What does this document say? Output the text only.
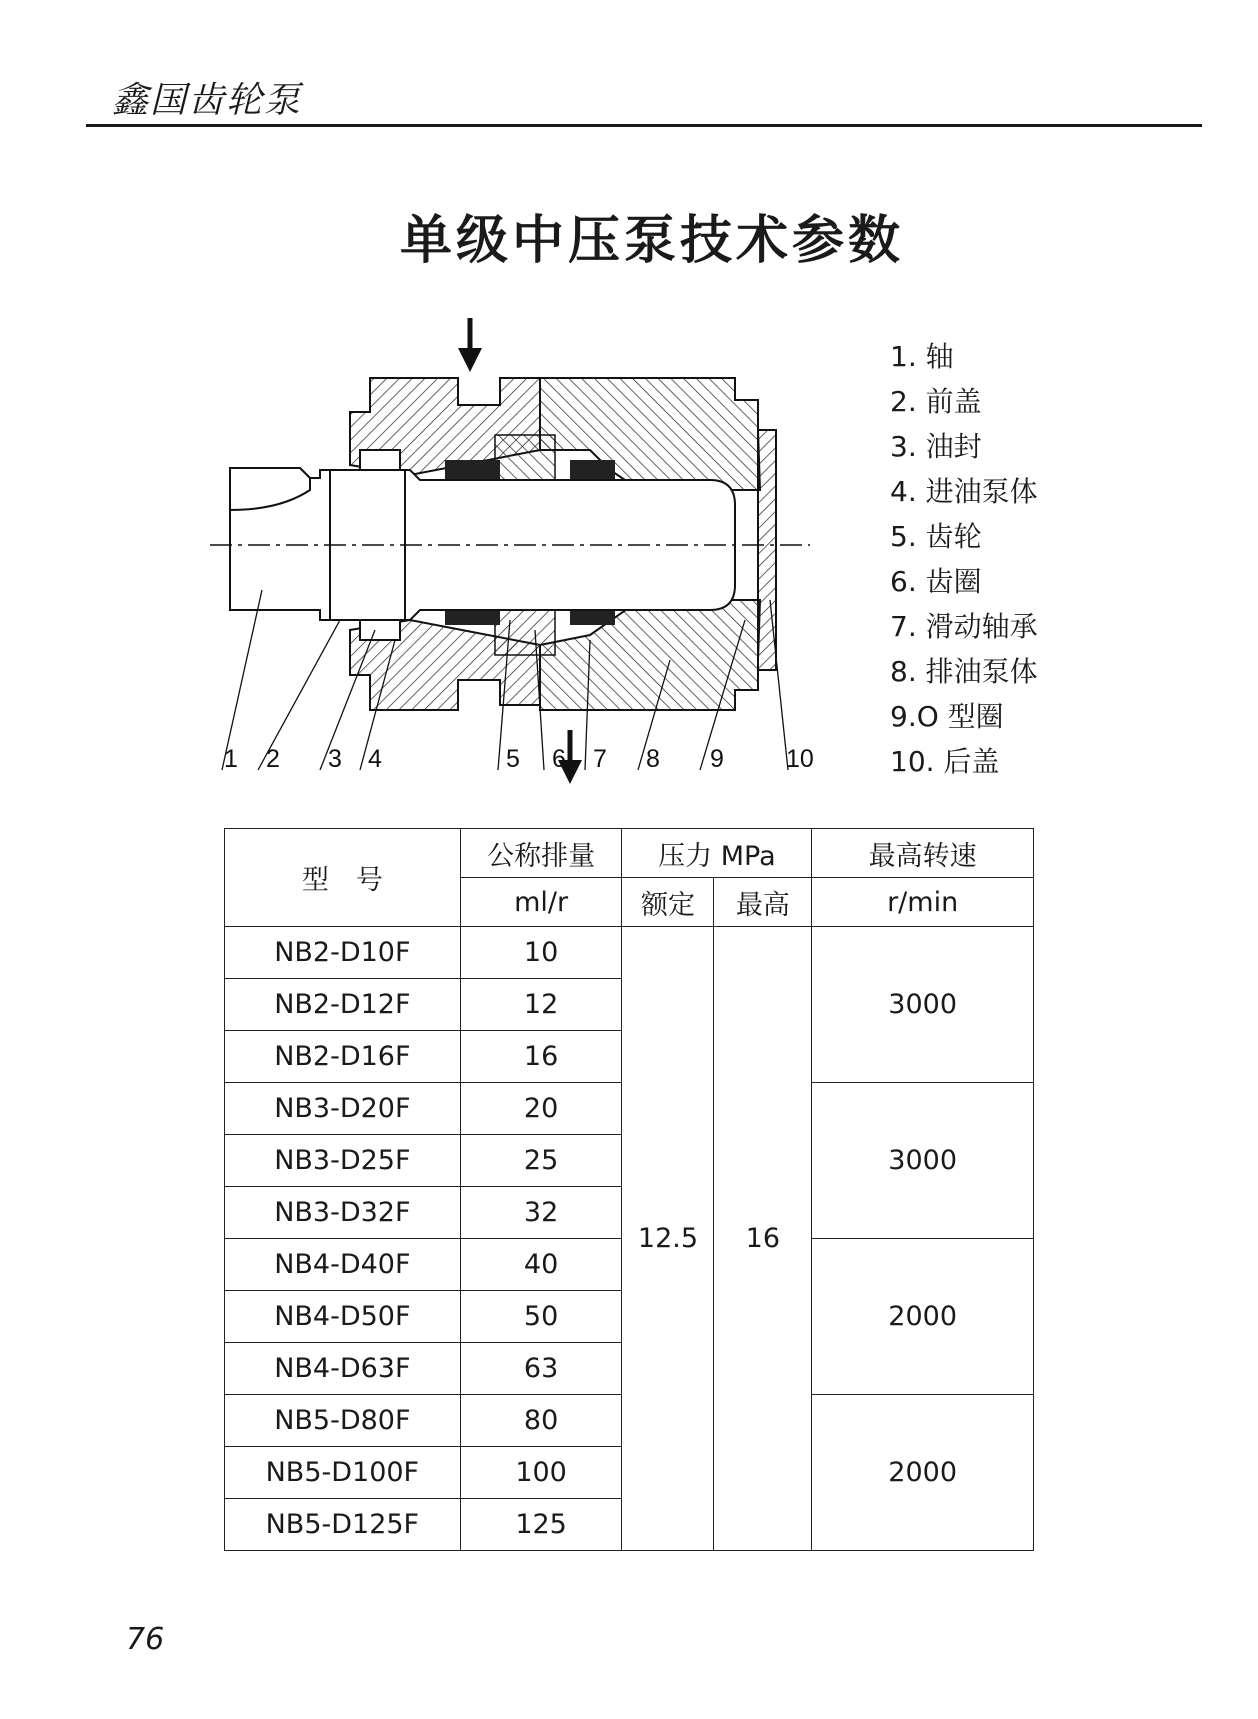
鑫国齿轮泵
单级中压泵技术参数
1 2 3 4	5 6 7 8 9 10
1. 轴
2. 前盖
3. 油封
4. 进油泵体
5. 齿轮
6. 齿圈
7. 滑动轴承
8. 排油泵体
9.O 型圈
10. 后盖
型　号	公称排量	压力 MPa		最高转速
	ml/r	额定	最高	r/min
NB2-D10F	10	12.5	16	3000
NB2-D12F	12			
NB2-D16F	16			
NB3-D20F	20			3000
NB3-D25F	25			
NB3-D32F	32			
NB4-D40F	40			2000
NB4-D50F	50			
NB4-D63F	63			
NB5-D80F	80			2000
NB5-D100F	100			
NB5-D125F	125			
76
